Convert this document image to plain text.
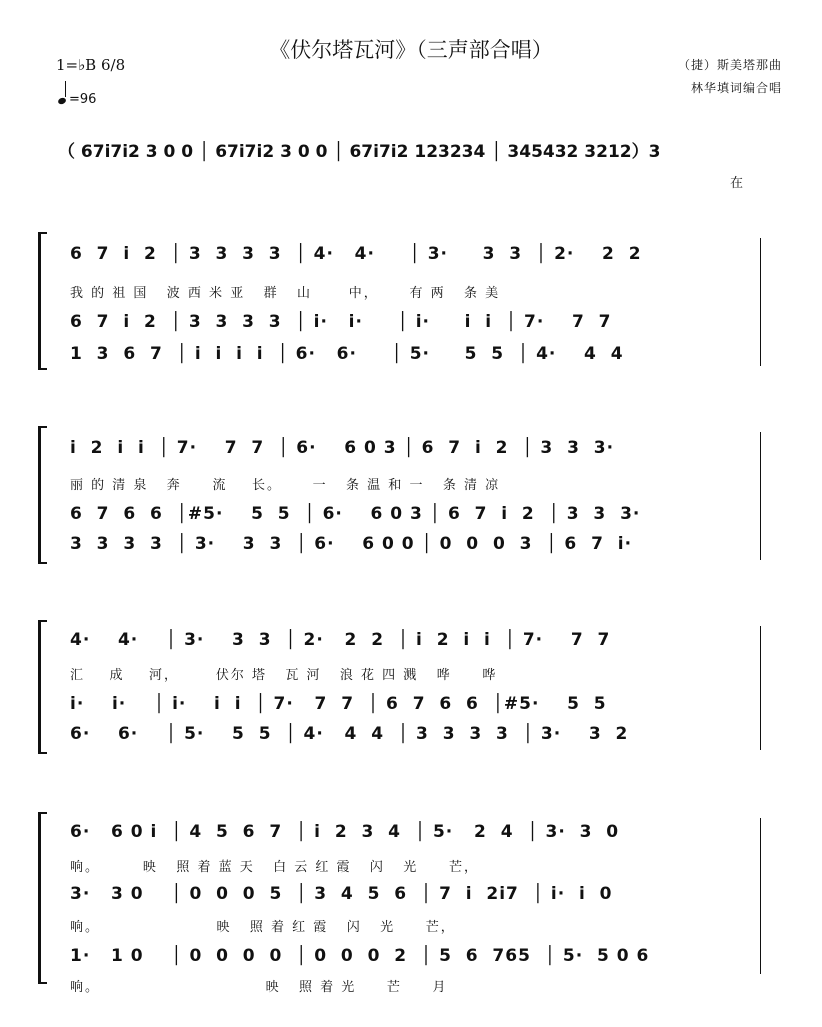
《伏尔塔瓦河》（三声部合唱）
1=♭B 6/8
=96
（捷）斯美塔那曲
林华填词编合唱
（ 67i7i2 3 0 0 │ 67i7i2 3 0 0 │ 67i7i2 123234 │ 345432 3212）3
在
6  7  i  2  │ 3  3  3  3  │ 4·   4·     │ 3·     3  3  │ 2·    2  2
我 的 祖 国   波 西 米 亚   群   山      中，     有 两   条 美
6  7  i  2  │ 3  3  3  3  │ i·   i·     │ i·     i  i  │ 7·    7  7
1  3  6  7  │ i  i  i  i  │ 6·   6·     │ 5·     5  5  │ 4·    4  4
i  2  i  i  │ 7·    7  7  │ 6·    6 0 3 │ 6  7  i  2  │ 3  3  3·
丽 的 清 泉   奔     流    长。     一   条 温 和 一   条 清 凉
6  7  6  6  │#5·    5  5  │ 6·    6 0 3 │ 6  7  i  2  │ 3  3  3·
3  3  3  3  │ 3·    3  3  │ 6·    6 0 0 │ 0  0  0  3  │ 6  7  i·
4·    4·    │ 3·    3  3  │ 2·   2  2  │ i  2  i  i  │ 7·    7  7
汇    成    河，      伏尔 塔   瓦 河   浪 花 四 溅   哗     哗
i·    i·    │ i·    i  i  │ 7·   7  7  │ 6  7  6  6  │#5·    5  5
6·    6·    │ 5·    5  5  │ 4·   4  4  │ 3  3  3  3  │ 3·    3  2
6·   6 0 i  │ 4  5  6  7  │ i  2  3  4  │ 5·   2  4  │ 3·  3  0
响。       映   照 着 蓝 天   白 云 红 霞   闪   光     芒，
3·   3 0    │ 0  0  0  5  │ 3  4  5  6  │ 7  i  2i7  │ i·  i  0
响。                   映   照 着 红 霞   闪   光     芒，
1·   1 0    │ 0  0  0  0  │ 0  0  0  2  │ 5  6  765  │ 5·  5 0 6
响。                           映   照 着 光     芒     月
